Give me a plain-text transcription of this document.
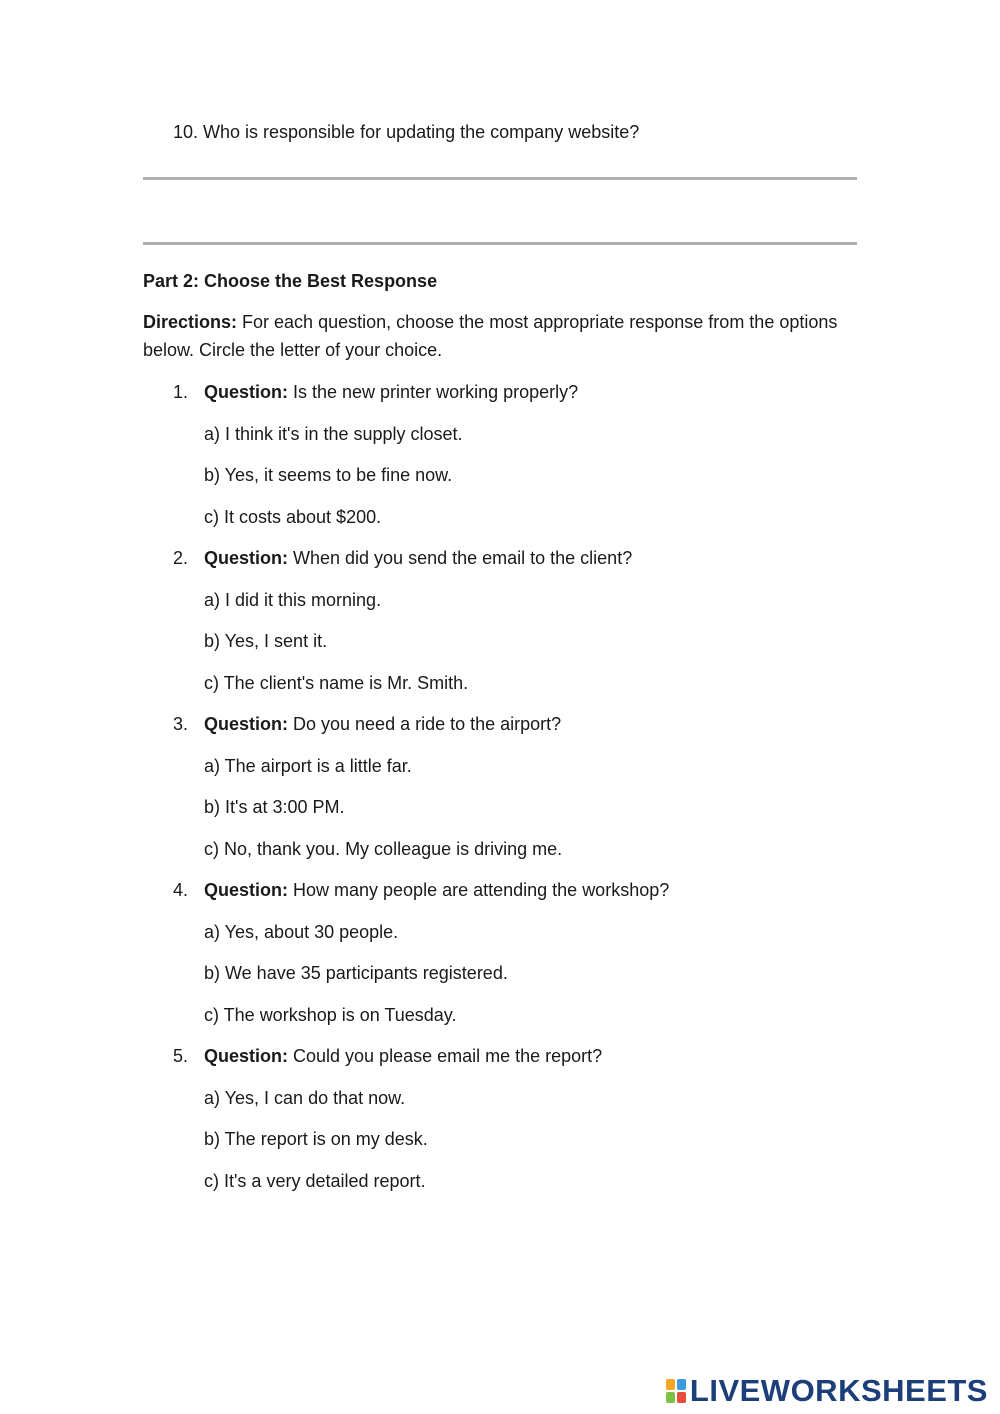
10. Who is responsible for updating the company website?
Part 2: Choose the Best Response
Directions: For each question, choose the most appropriate response from the options below. Circle the letter of your choice.
1. Question: Is the new printer working properly?
a) I think it's in the supply closet.
b) Yes, it seems to be fine now.
c) It costs about $200.
2. Question: When did you send the email to the client?
a) I did it this morning.
b) Yes, I sent it.
c) The client's name is Mr. Smith.
3. Question: Do you need a ride to the airport?
a) The airport is a little far.
b) It's at 3:00 PM.
c) No, thank you. My colleague is driving me.
4. Question: How many people are attending the workshop?
a) Yes, about 30 people.
b) We have 35 participants registered.
c) The workshop is on Tuesday.
5. Question: Could you please email me the report?
a) Yes, I can do that now.
b) The report is on my desk.
c) It's a very detailed report.
LIVEWORKSHEETS
